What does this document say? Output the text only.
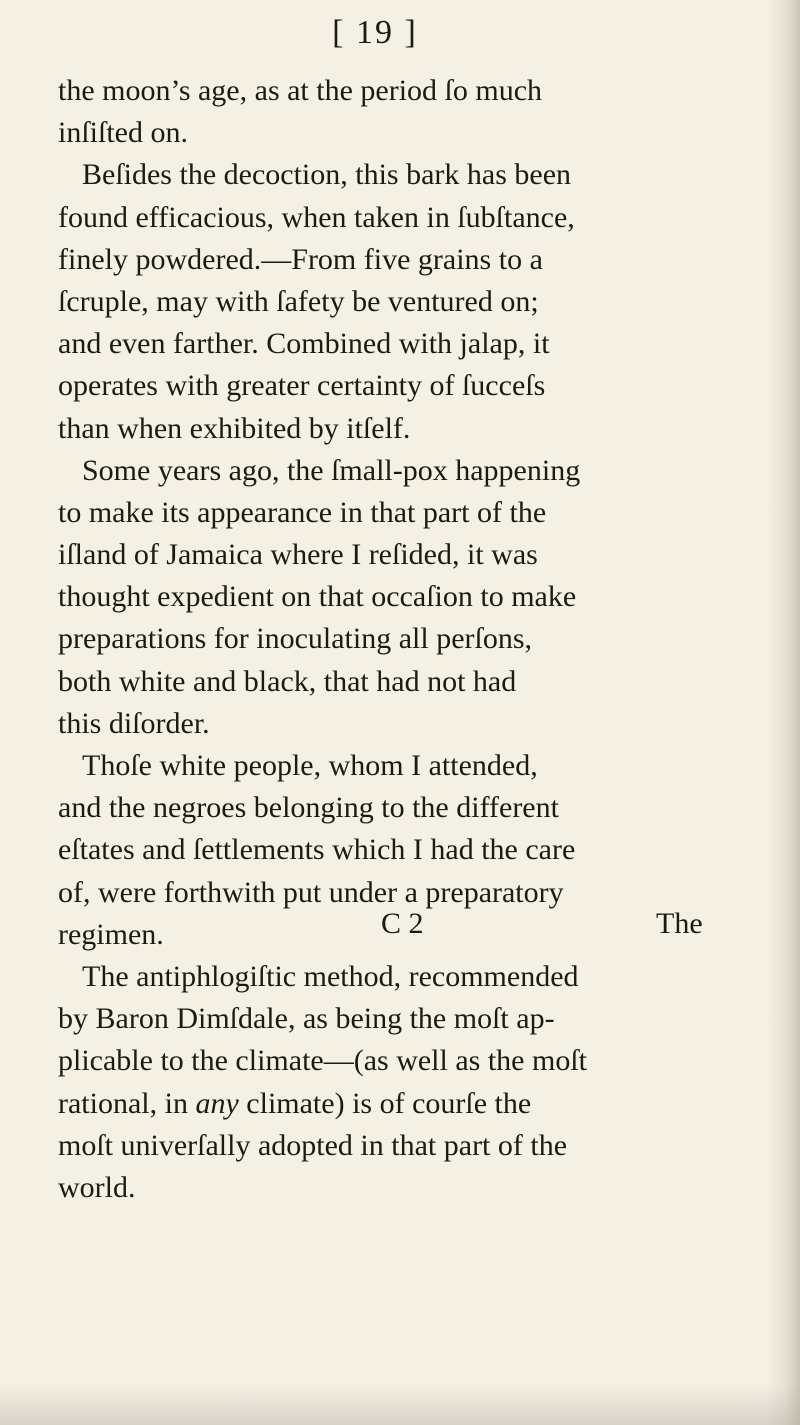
[ 19 ]
the moon’s age, as at the period ſo much
inſiſted on.
Beſides the decoction, this bark has been
found efficacious, when taken in ſubſtance,
finely powdered.—From five grains to a
ſcruple, may with ſafety be ventured on;
and even farther. Combined with jalap, it
operates with greater certainty of ſucceſs
than when exhibited by itſelf.
Some years ago, the ſmall-pox happening
to make its appearance in that part of the
iſland of Jamaica where I reſided, it was
thought expedient on that occaſion to make
preparations for inoculating all perſons,
both white and black, that had not had
this diſorder.
Thoſe white people, whom I attended,
and the negroes belonging to the different
eſtates and ſettlements which I had the care
of, were forthwith put under a preparatory
regimen.
The antiphlogiſtic method, recommended
by Baron Dimſdale, as being the moſt ap-
plicable to the climate—(as well as the moſt
rational, in any climate) is of courſe the
moſt univerſally adopted in that part of the
world.
C 2	The
